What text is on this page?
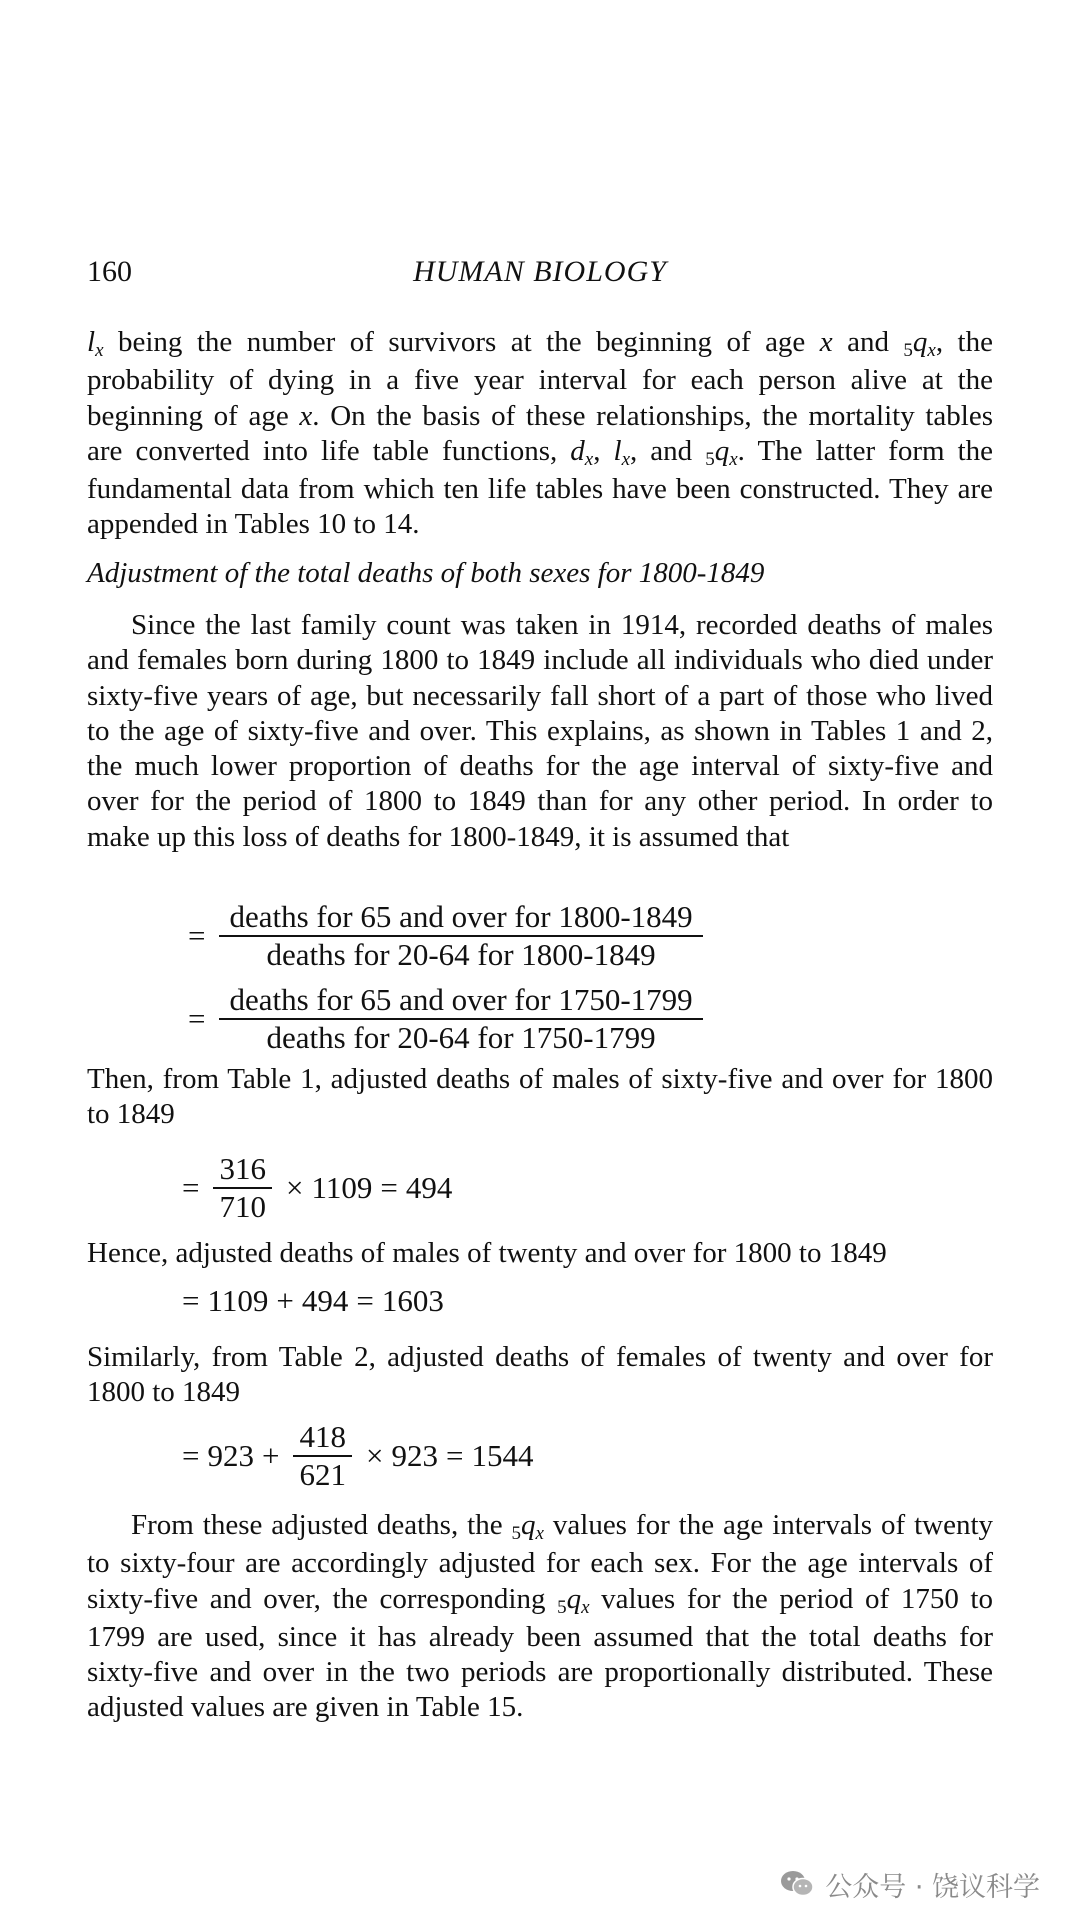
160	HUMAN BIOLOGY
lx being the number of survivors at the beginning of age x and 5qx, the probability of dying in a five year interval for each person alive at the beginning of age x. On the basis of these relationships, the mortality tables are converted into life table functions, dx, lx, and 5qx. The latter form the fundamental data from which ten life tables have been constructed. They are appended in Tables 10 to 14.
Adjustment of the total deaths of both sexes for 1800-1849
Since the last family count was taken in 1914, recorded deaths of males and females born during 1800 to 1849 include all individuals who died under sixty-five years of age, but necessarily fall short of a part of those who lived to the age of sixty-five and over. This explains, as shown in Tables 1 and 2, the much lower proportion of deaths for the age interval of sixty-five and over for the period of 1800 to 1849 than for any other period. In order to make up this loss of deaths for 1800-1849, it is assumed that
= $\frac{\text{deaths for 65 and over for 1800-1849}}{\text{deaths for 20-64 for 1800-1849}}$
= $\frac{\text{deaths for 65 and over for 1750-1799}}{\text{deaths for 20-64 for 1750-1799}}$
Then, from Table 1, adjusted deaths of males of sixty-five and over for 1800 to 1849
= $\frac{316}{710} \times 1109 = 494$
Hence, adjusted deaths of males of twenty and over for 1800 to 1849
= 1109 + 494 = 1603
Similarly, from Table 2, adjusted deaths of females of twenty and over for 1800 to 1849
= $923 + \frac{418}{621} \times 923 = 1544$
From these adjusted deaths, the 5qx values for the age intervals of twenty to sixty-four are accordingly adjusted for each sex. For the age intervals of sixty-five and over, the corresponding 5qx values for the period of 1750 to 1799 are used, since it has already been assumed that the total deaths for sixty-five and over in the two periods are proportionally distributed. These adjusted values are given in Table 15.
公众号 · 饶议科学
